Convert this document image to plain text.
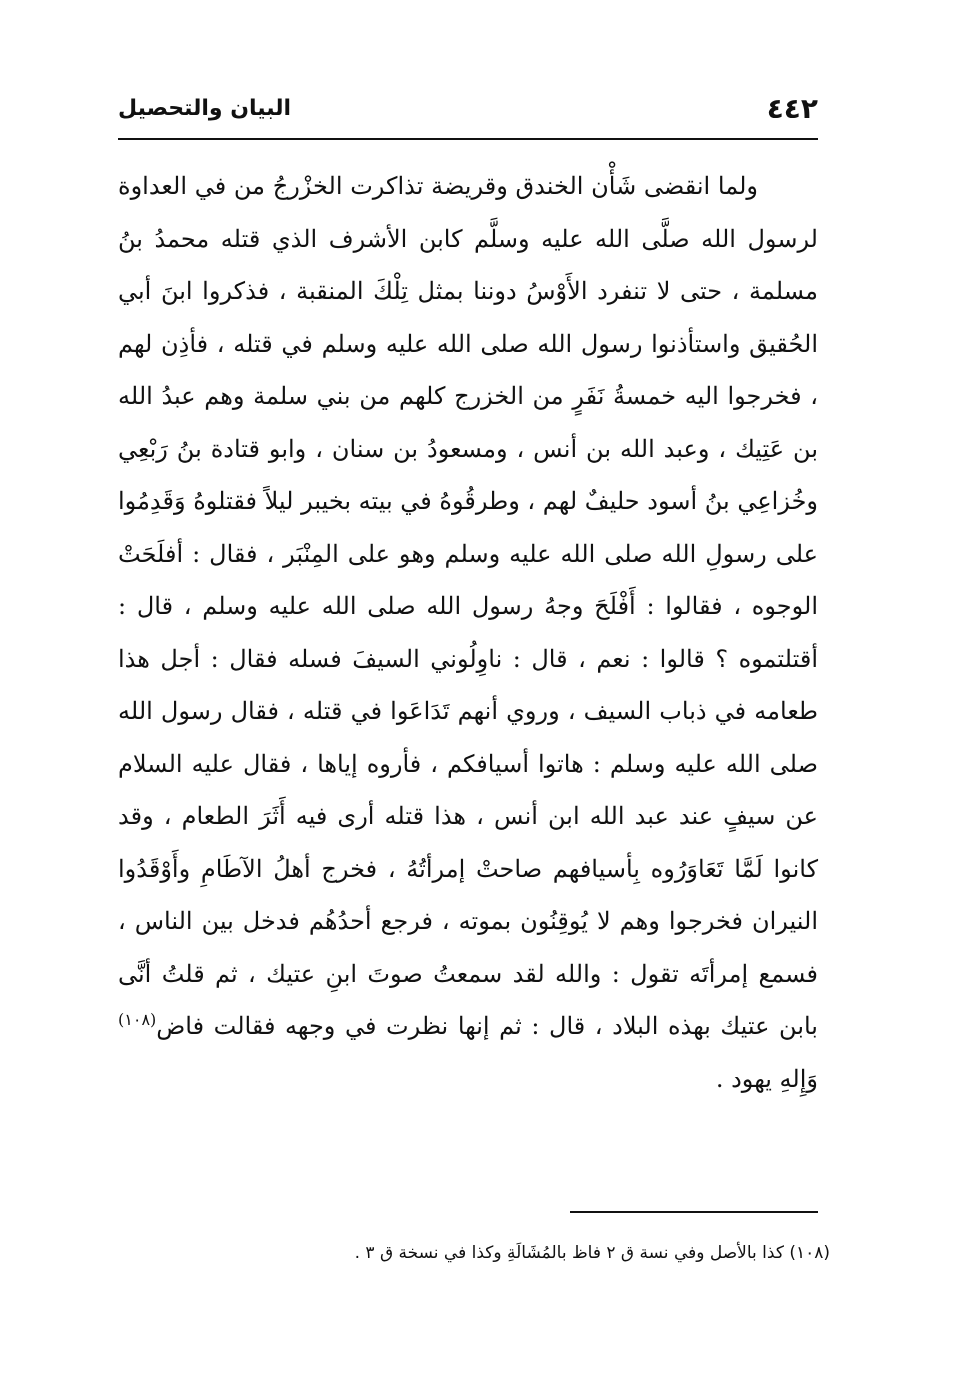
٤٤٢
البيان والتحصيل

ولما انقضى شَأْن الخندق وقريضة تذاكرت الخزْرجُ من في العداوة لرسول الله صلَّى الله عليه وسلَّم كابن الأشرف الذي قتله محمدُ بنُ مسلمة ، حتى لا تنفرد الأَوْسُ دوننا بمثل تِلْكَ المنقبة ، فذكروا ابنَ أبي الحُقيق واستأذنوا رسول الله صلى الله عليه وسلم في قتله ، فأذِن لهم ، فخرجوا اليه خمسةُ نَفَرٍ من الخزرج كلهم من بني سلمة وهم عبدُ الله بن عَتِيك ، وعبد الله بن أنس ، ومسعودُ بن سنان ، وابو قتادة بنُ رَبْعِي وخُزاعِي بنُ أسود حليفٌ لهم ، وطرقُوهُ في بيته بخيبر ليلاً فقتلوهُ وَقَدِمُوا على رسولِ الله صلى الله عليه وسلم وهو على المِنْبَر ، فقال : أفلَحَتْ الوجوه ، فقالوا : أَفْلَحَ وجهُ رسول الله صلى الله عليه وسلم ، قال : أقتلتموه ؟ قالوا : نعم ، قال : ناوِلُوني السيفَ فسله فقال : أجل هذا طعامه في ذباب السيف ، وروي أنهم تَدَاعَوا في قتله ، فقال رسول الله صلى الله عليه وسلم : هاتوا أسيافكم ، فأروه إياها ، فقال عليه السلام عن سيفٍ عند عبد الله ابن أنس ، هذا قتله أرى فيه أَثَرَ الطعام ، وقد كانوا لَمَّا تَعَاوَرُوه بِأسيافهم صاحتْ إمرأتُهُ ، فخرج أهلُ الآطَامِ وأَوْقَدُوا النيران فخرجوا وهم لا يُوقِنُون بموته ، فرجع أحدُهُم فدخل بين الناس ، فسمع إمرأتَه تقول : والله لقد سمعتُ صوتَ ابنِ عتيك ، ثم قلتُ أنَّى بابن عتيك بهذه البلاد ، قال : ثم إنها نظرت في وجهه فقالت فاض$^{(١٠٨)}$ وَإِلهِ يهود .

(١٠٨) كذا بالأصل وفي نسة ق ٢ فاظ بالمُشَالَةِ وكذا في نسخة ق ٣ .
